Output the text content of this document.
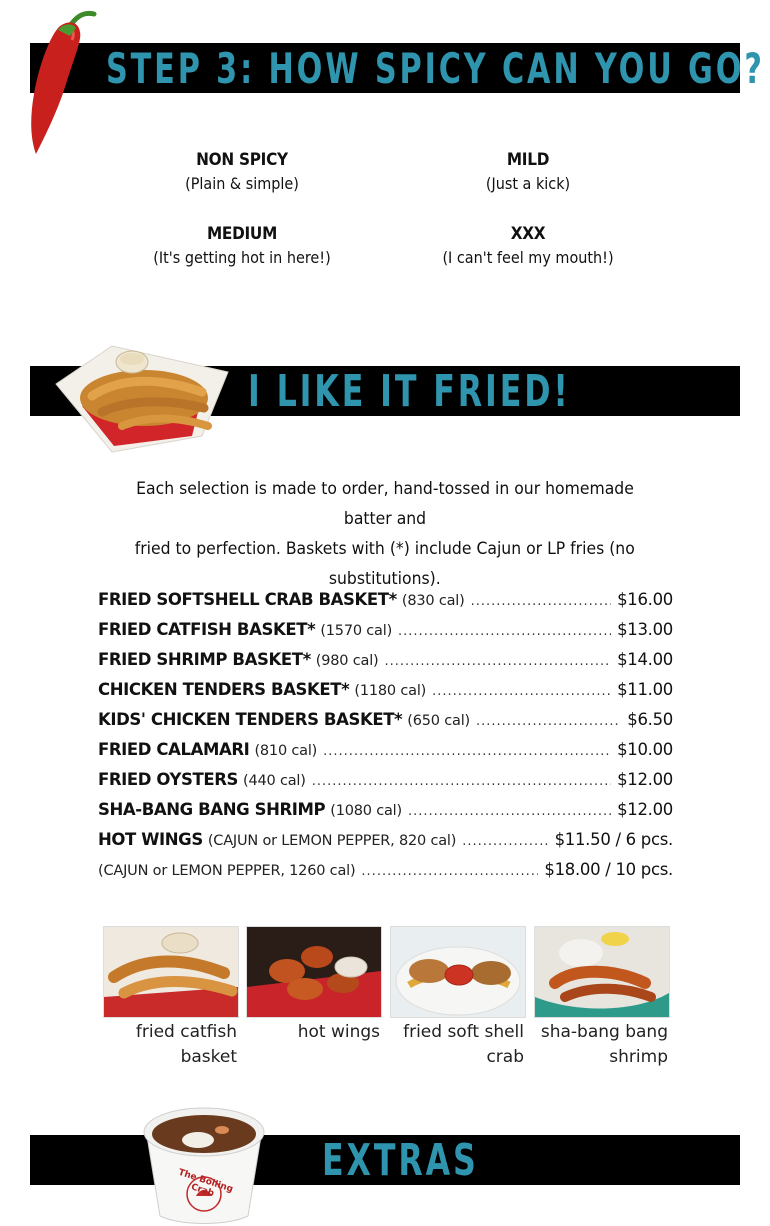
STEP 3: HOW SPICY CAN YOU GO?
NON SPICY
(Plain & simple)
MILD
(Just a kick)
MEDIUM
(It's getting hot in here!)
XXX
(I can't feel my mouth!)
I LIKE IT FRIED!
Each selection is made to order, hand-tossed in our homemade batter and
fried to perfection. Baskets with (*) include Cajun or LP fries (no
substitutions).
FRIED SOFTSHELL CRAB BASKET* (830 cal) .....	$16.00
FRIED CATFISH BASKET* (1570 cal) .....	$13.00
FRIED SHRIMP BASKET* (980 cal) .....	$14.00
CHICKEN TENDERS BASKET* (1180 cal) .....	$11.00
KIDS' CHICKEN TENDERS BASKET* (650 cal) .....	$6.50
FRIED CALAMARI (810 cal) .....	$10.00
FRIED OYSTERS (440 cal) .....	$12.00
SHA-BANG BANG SHRIMP (1080 cal) .....	$12.00
HOT WINGS (CAJUN or LEMON PEPPER, 820 cal) .....	$11.50 / 6 pcs.
(CAJUN or LEMON PEPPER, 1260 cal) .....	$18.00 / 10 pcs.
fried catfish
basket
hot wings	fried soft shell
crab
sha-bang bang
shrimp
EXTRAS
The Boiling Crab
